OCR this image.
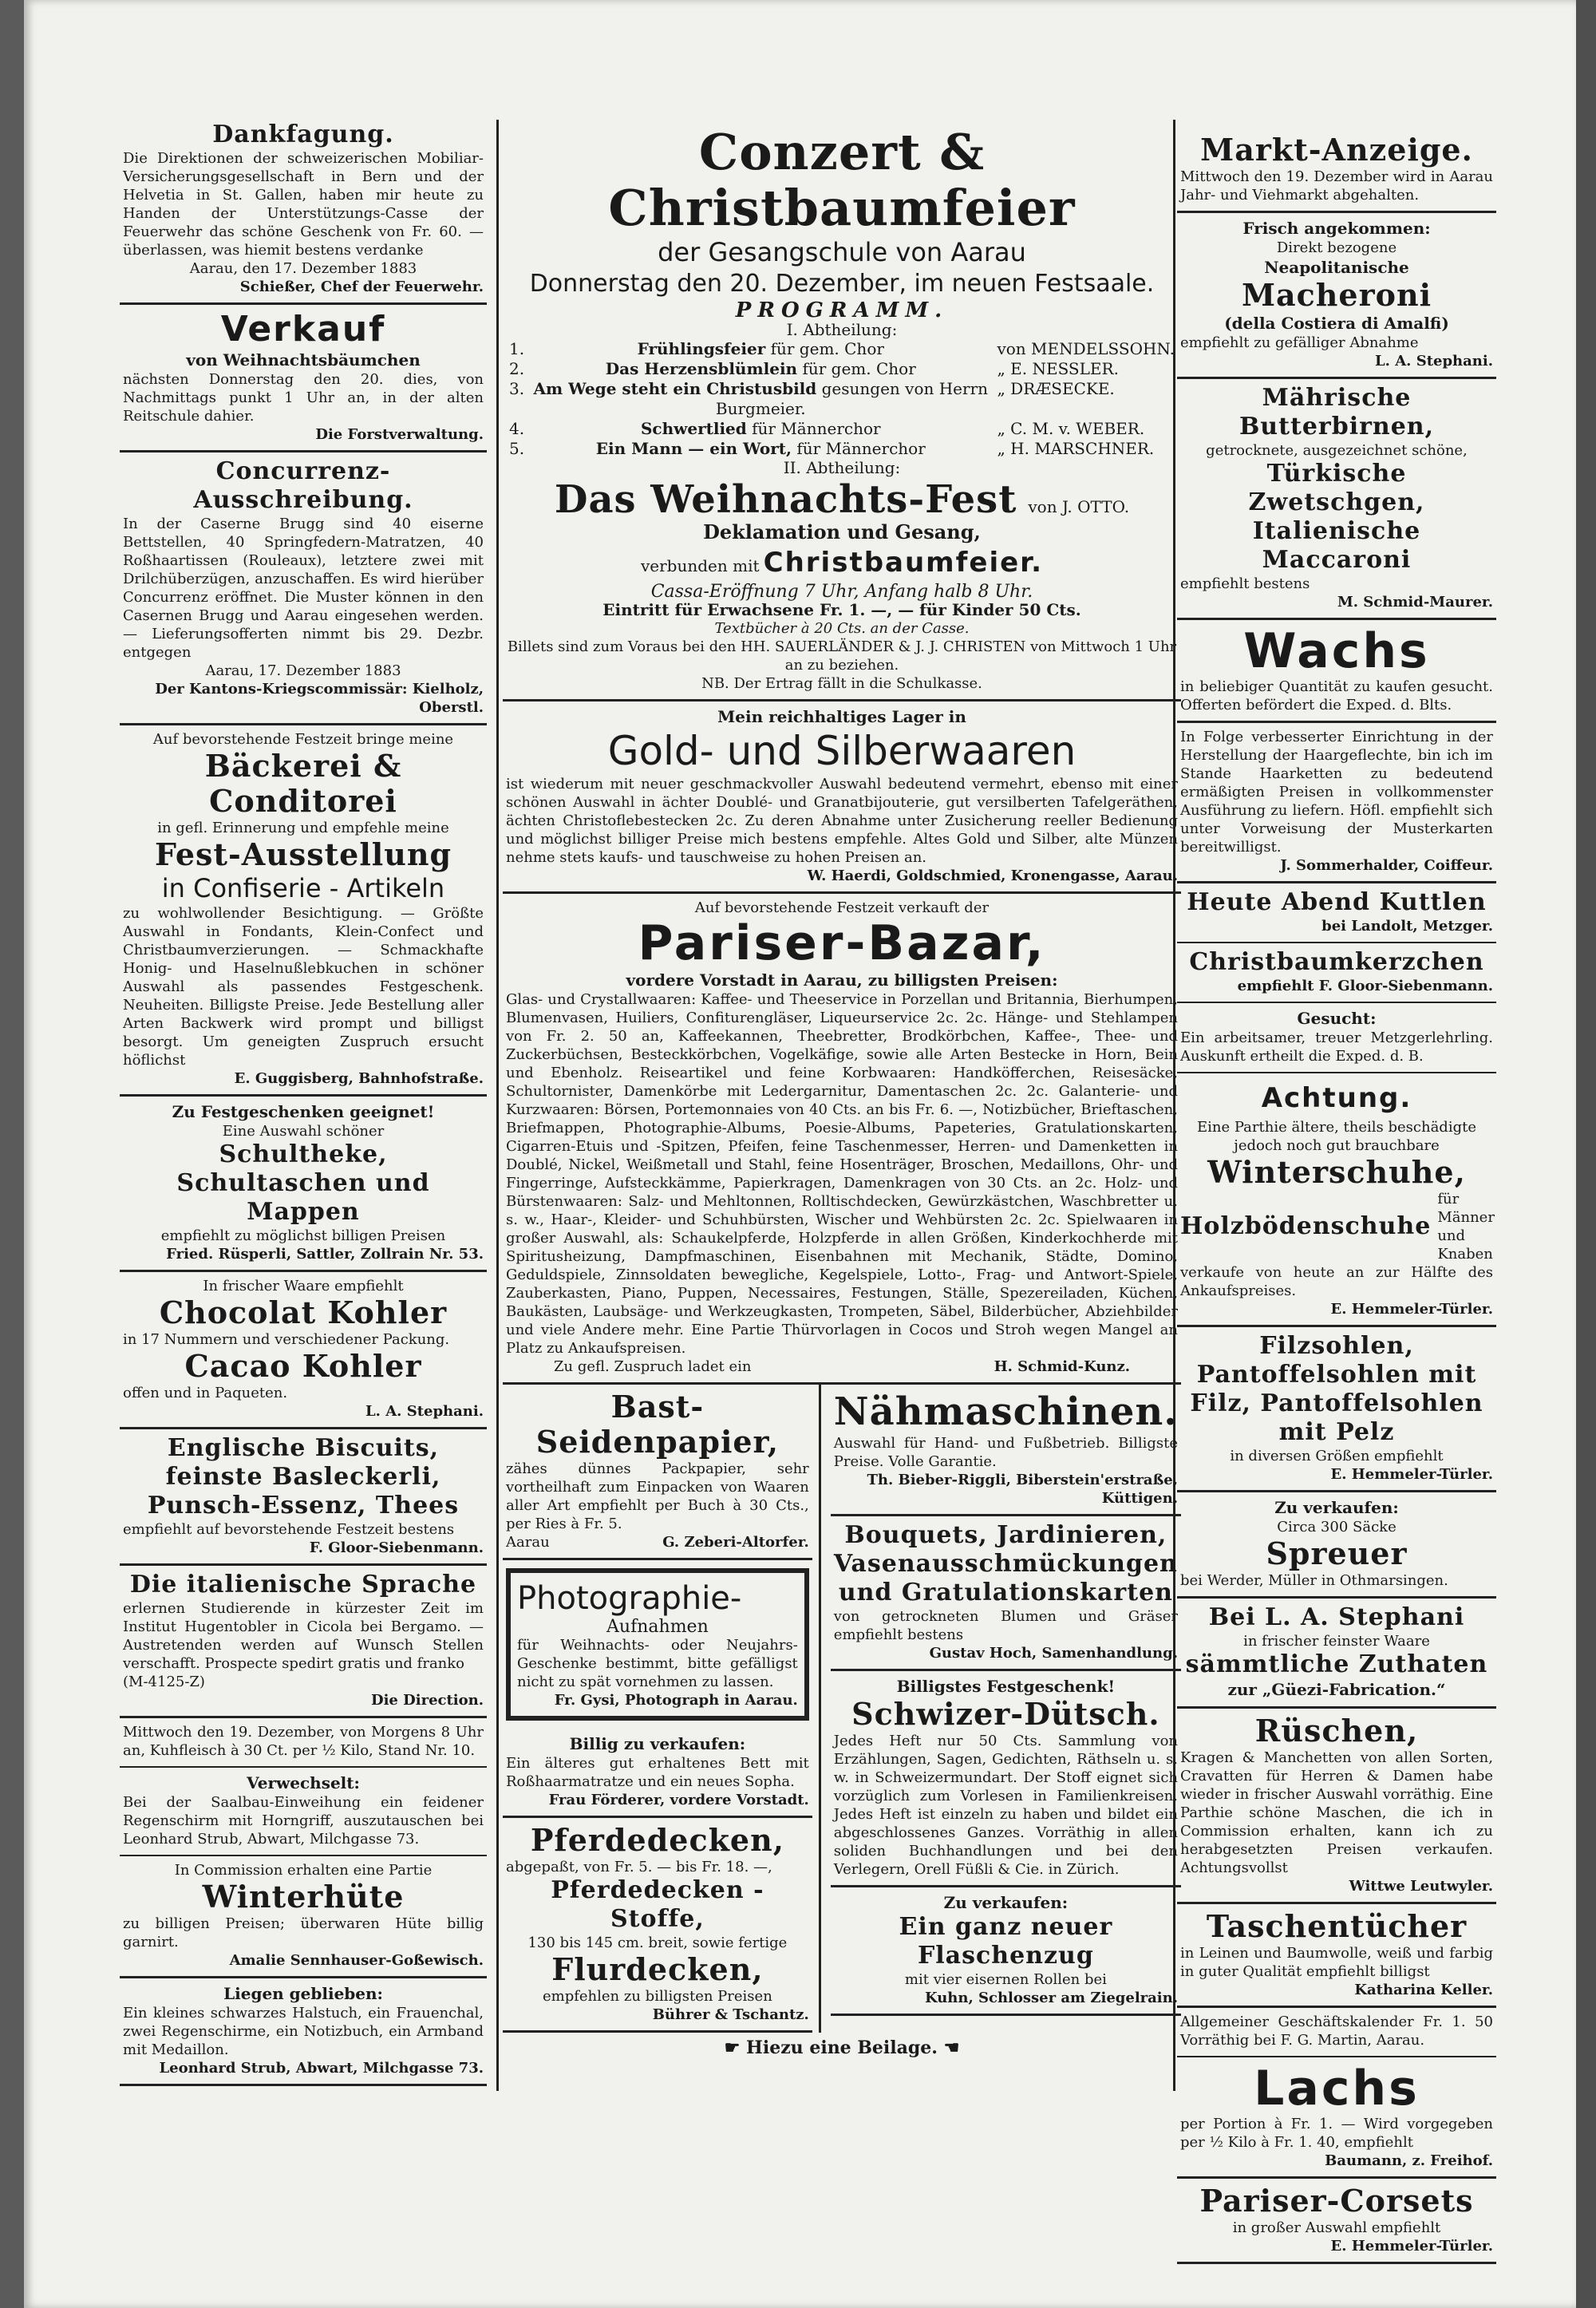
Dankfagung.
Die Direktionen der schweizerischen Mobiliar-Versicherungsgesellschaft in Bern und der Helvetia in St. Gallen, haben mir heute zu Handen der Unterstützungs-Casse der Feuerwehr das schöne Geschenk von Fr. 60. — überlassen, was hiemit bestens verdanke
Aarau, den 17. Dezember 1883
Schießer, Chef der Feuerwehr.
Verkauf
von Weihnachtsbäumchen
nächsten Donnerstag den 20. dies, von Nachmittags punkt 1 Uhr an, in der alten Reitschule dahier.
Die Forstverwaltung.
Concurrenz-Ausschreibung.
In der Caserne Brugg sind 40 eiserne Bettstellen, 40 Springfedern-Matratzen, 40 Roßhaartissen (Rouleaux), letztere zwei mit Drilchüberzügen, anzuschaffen. Es wird hierüber Concurrenz eröffnet. Die Muster können in den Casernen Brugg und Aarau eingesehen werden. — Lieferungsofferten nimmt bis 29. Dezbr. entgegen
Aarau, 17. Dezember 1883
Der Kantons-Kriegscommissär: Kielholz, Oberstl.
Auf bevorstehende Festzeit bringe meine
Bäckerei & Conditorei
in gefl. Erinnerung und empfehle meine
Fest-Ausstellung
in Confiserie - Artikeln
zu wohlwollender Besichtigung. — Größte Auswahl in Fondants, Klein-Confect und Christbaumverzierungen. — Schmackhafte Honig- und Haselnußlebkuchen in schöner Auswahl als passendes Festgeschenk. Neuheiten. Billigste Preise. Jede Bestellung aller Arten Backwerk wird prompt und billigst besorgt. Um geneigten Zuspruch ersucht höflichst
E. Guggisberg, Bahnhofstraße.
Zu Festgeschenken geeignet!
Eine Auswahl schöner
Schultheke, Schultaschen und Mappen
empfiehlt zu möglichst billigen Preisen
Fried. Rüsperli, Sattler, Zollrain Nr. 53.
In frischer Waare empfiehlt
Chocolat Kohler
in 17 Nummern und verschiedener Packung.
Cacao Kohler
offen und in Paqueten.
L. A. Stephani.
Englische Biscuits, feinste Basleckerli, Punsch-Essenz, Thees
empfiehlt auf bevorstehende Festzeit bestens
F. Gloor-Siebenmann.
Die italienische Sprache
erlernen Studierende in kürzester Zeit im Institut Hugentobler in Cicola bei Bergamo. — Austretenden werden auf Wunsch Stellen verschafft. Prospecte spedirt gratis und franko
(M-4125-Z)
Die Direction.
Mittwoch den 19. Dezember, von Morgens 8 Uhr an, Kuhfleisch à 30 Ct. per ½ Kilo, Stand Nr. 10.
Verwechselt:
Bei der Saalbau-Einweihung ein feidener Regenschirm mit Horngriff, auszutauschen bei Leonhard Strub, Abwart, Milchgasse 73.
In Commission erhalten eine Partie
Winterhüte
zu billigen Preisen; überwaren Hüte billig garnirt.
Amalie Sennhauser-Goßewisch.
Liegen geblieben:
Ein kleines schwarzes Halstuch, ein Frauenchal, zwei Regenschirme, ein Notizbuch, ein Armband mit Medaillon.
Leonhard Strub, Abwart, Milchgasse 73.
Conzert & Christbaumfeier
der Gesangschule von Aarau
Donnerstag den 20. Dezember, im neuen Festsaale.
PROGRAMM.
I. Abtheilung:
1.	Frühlingsfeier für gem. Chor	von MENDELSSOHN.
2.	Das Herzensblümlein für gem. Chor	„ E. NESSLER.
3.	Am Wege steht ein Christusbild gesungen von Herrn Burgmeier.	„ DRÆSECKE.
4.	Schwertlied für Männerchor	„ C. M. v. WEBER.
5.	Ein Mann — ein Wort, für Männerchor	„ H. MARSCHNER.
II. Abtheilung:
Das Weihnachts-Fest von J. OTTO.
Deklamation und Gesang,
verbunden mit Christbaumfeier.
Cassa-Eröffnung 7 Uhr, Anfang halb 8 Uhr.
Eintritt für Erwachsene Fr. 1. —, — für Kinder 50 Cts.
Textbücher à 20 Cts. an der Casse.
Billets sind zum Voraus bei den HH. SAUERLÄNDER & J. J. CHRISTEN von Mittwoch 1 Uhr an zu beziehen.
NB. Der Ertrag fällt in die Schulkasse.
Mein reichhaltiges Lager in
Gold- und Silberwaaren
ist wiederum mit neuer geschmackvoller Auswahl bedeutend vermehrt, ebenso mit einer schönen Auswahl in ächter Doublé- und Granatbijouterie, gut versilberten Tafelgeräthen, ächten Christoflebestecken 2c. Zu deren Abnahme unter Zusicherung reeller Bedienung und möglichst billiger Preise mich bestens empfehle. Altes Gold und Silber, alte Münzen nehme stets kaufs- und tauschweise zu hohen Preisen an.
W. Haerdi, Goldschmied, Kronengasse, Aarau.
Auf bevorstehende Festzeit verkauft der
Pariser-Bazar,
vordere Vorstadt in Aarau, zu billigsten Preisen:
Glas- und Crystallwaaren: Kaffee- und Theeservice in Porzellan und Britannia, Bierhumpen, Blumenvasen, Huiliers, Confiturengläser, Liqueurservice 2c. 2c. Hänge- und Stehlampen von Fr. 2. 50 an, Kaffeekannen, Theebretter, Brodkörbchen, Kaffee-, Thee- und Zuckerbüchsen, Besteckkörbchen, Vogelkäfige, sowie alle Arten Bestecke in Horn, Bein und Ebenholz. Reiseartikel und feine Korbwaaren: Handköfferchen, Reisesäcke, Schultornister, Damenkörbe mit Ledergarnitur, Damentaschen 2c. 2c. Galanterie- und Kurzwaaren: Börsen, Portemonnaies von 40 Cts. an bis Fr. 6. —, Notizbücher, Brieftaschen, Briefmappen, Photographie-Albums, Poesie-Albums, Papeteries, Gratulationskarten, Cigarren-Etuis und -Spitzen, Pfeifen, feine Taschenmesser, Herren- und Damenketten in Doublé, Nickel, Weißmetall und Stahl, feine Hosenträger, Broschen, Medaillons, Ohr- und Fingerringe, Aufsteckkämme, Papierkragen, Damenkragen von 30 Cts. an 2c. Holz- und Bürstenwaaren: Salz- und Mehltonnen, Rolltischdecken, Gewürzkästchen, Waschbretter u. s. w., Haar-, Kleider- und Schuhbürsten, Wischer und Wehbürsten 2c. 2c. Spielwaaren in großer Auswahl, als: Schaukelpferde, Holzpferde in allen Größen, Kinderkochherde mit Spiritusheizung, Dampfmaschinen, Eisenbahnen mit Mechanik, Städte, Domino, Geduldspiele, Zinnsoldaten bewegliche, Kegelspiele, Lotto-, Frag- und Antwort-Spiele, Zauberkasten, Piano, Puppen, Necessaires, Festungen, Ställe, Spezereiladen, Küchen, Baukästen, Laubsäge- und Werkzeugkasten, Trompeten, Säbel, Bilderbücher, Abziehbilder und viele Andere mehr. Eine Partie Thürvorlagen in Cocos und Stroh wegen Mangel an Platz zu Ankaufspreisen.
Zu gefl. Zuspruch ladet ein	H. Schmid-Kunz.
Bast-Seidenpapier,
zähes dünnes Packpapier, sehr vortheilhaft zum Einpacken von Waaren aller Art empfiehlt per Buch à 30 Cts., per Ries à Fr. 5.
Aarau	G. Zeberi-Altorfer.
Photographie-
Aufnahmen
für Weihnachts- oder Neujahrs-Geschenke bestimmt, bitte gefälligst nicht zu spät vornehmen zu lassen.
Fr. Gysi, Photograph in Aarau.
Billig zu verkaufen:
Ein älteres gut erhaltenes Bett mit Roßhaarmatratze und ein neues Sopha.
Frau Förderer, vordere Vorstadt.
Pferdedecken,
abgepaßt, von Fr. 5. — bis Fr. 18. —,
Pferdedecken - Stoffe,
130 bis 145 cm. breit, sowie fertige
Flurdecken,
empfehlen zu billigsten Preisen
Bührer & Tschantz.
Nähmaschinen.
Auswahl für Hand- und Fußbetrieb. Billigste Preise. Volle Garantie.
Th. Bieber-Riggli, Biberstein'erstraße, Küttigen.
Bouquets, Jardinieren, Vasenausschmückungen und Gratulationskarten
von getrockneten Blumen und Gräser empfiehlt bestens
Gustav Hoch, Samenhandlung.
Billigstes Festgeschenk!
Schwizer-Dütsch.
Jedes Heft nur 50 Cts. Sammlung von Erzählungen, Sagen, Gedichten, Räthseln u. s. w. in Schweizermundart. Der Stoff eignet sich vorzüglich zum Vorlesen in Familienkreisen. Jedes Heft ist einzeln zu haben und bildet ein abgeschlossenes Ganzes. Vorräthig in allen soliden Buchhandlungen und bei den Verlegern, Orell Füßli & Cie. in Zürich.
Zu verkaufen:
Ein ganz neuer Flaschenzug
mit vier eisernen Rollen bei
Kuhn, Schlosser am Ziegelrain.
☛ Hiezu eine Beilage. ☚
Markt-Anzeige.
Mittwoch den 19. Dezember wird in Aarau Jahr- und Viehmarkt abgehalten.
Frisch angekommen:
Direkt bezogene
Neapolitanische
Macheroni
(della Costiera di Amalfi)
empfiehlt zu gefälliger Abnahme
L. A. Stephani.
Mährische Butterbirnen,
getrocknete, ausgezeichnet schöne,
Türkische Zwetschgen, Italienische Maccaroni
empfiehlt bestens
M. Schmid-Maurer.
Wachs
in beliebiger Quantität zu kaufen gesucht. Offerten befördert die Exped. d. Blts.
In Folge verbesserter Einrichtung in der Herstellung der Haargeflechte, bin ich im Stande Haarketten zu bedeutend ermäßigten Preisen in vollkommenster Ausführung zu liefern. Höfl. empfiehlt sich unter Vorweisung der Musterkarten bereitwilligst.
J. Sommerhalder, Coiffeur.
Heute Abend Kuttlen
bei Landolt, Metzger.
Christbaumkerzchen
empfiehlt F. Gloor-Siebenmann.
Gesucht:
Ein arbeitsamer, treuer Metzgerlehrling. Auskunft ertheilt die Exped. d. B.
Achtung.
Eine Parthie ältere, theils beschädigte jedoch noch gut brauchbare
Winterschuhe,
Holzbödenschuhe
für Männer und Knaben
verkaufe von heute an zur Hälfte des Ankaufspreises.
E. Hemmeler-Türler.
Filzsohlen, Pantoffelsohlen mit Filz, Pantoffelsohlen mit Pelz
in diversen Größen empfiehlt
E. Hemmeler-Türler.
Zu verkaufen:
Circa 300 Säcke
Spreuer
bei Werder, Müller in Othmarsingen.
Bei L. A. Stephani
in frischer feinster Waare
sämmtliche Zuthaten
zur „Güezi-Fabrication.“
Rüschen,
Kragen & Manchetten von allen Sorten, Cravatten für Herren & Damen habe wieder in frischer Auswahl vorräthig. Eine Parthie schöne Maschen, die ich in Commission erhalten, kann ich zu herabgesetzten Preisen verkaufen. Achtungsvollst
Wittwe Leutwyler.
Taschentücher
in Leinen und Baumwolle, weiß und farbig in guter Qualität empfiehlt billigst
Katharina Keller.
Allgemeiner Geschäftskalender Fr. 1. 50 Vorräthig bei F. G. Martin, Aarau.
Lachs
per Portion à Fr. 1. — Wird vorgegeben per ½ Kilo à Fr. 1. 40, empfiehlt
Baumann, z. Freihof.
Pariser-Corsets
in großer Auswahl empfiehlt
E. Hemmeler-Türler.
